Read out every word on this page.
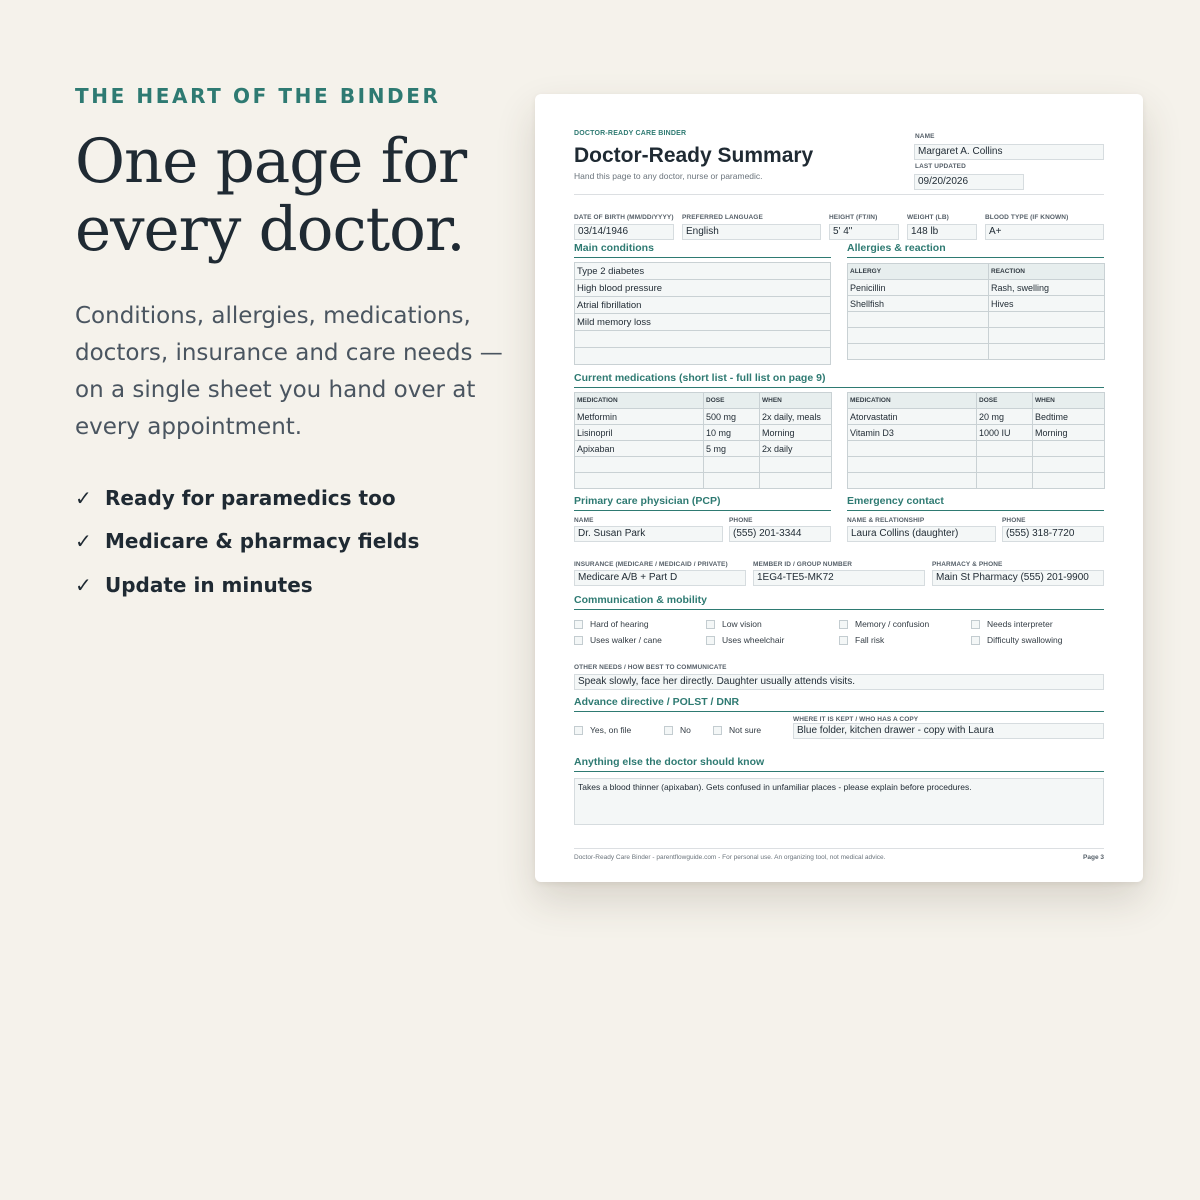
THE HEART OF THE BINDER
One page for
every doctor.
Conditions, allergies, medications, doctors, insurance and care needs — on a single sheet you hand over at every appointment.
✓ Ready for paramedics too
✓ Medicare & pharmacy fields
✓ Update in minutes
DOCTOR-READY CARE BINDER
Doctor-Ready Summary
Hand this page to any doctor, nurse or paramedic.
NAME
Margaret A. Collins
LAST UPDATED
09/20/2026
DATE OF BIRTH (MM/DD/YYYY)
03/14/1946
PREFERRED LANGUAGE
English
HEIGHT (FT/IN)
5' 4"
WEIGHT (LB)
148 lb
BLOOD TYPE (IF KNOWN)
A+
Main conditions
Type 2 diabetes
High blood pressure
Atrial fibrillation
Mild memory loss

Allergies & reaction
ALLERGY	REACTION
Penicillin	Rash, swelling
Shellfish	Hives

Current medications (short list - full list on page 9)
MEDICATION	DOSE	WHEN
Metformin	500 mg	2x daily, meals
Lisinopril	10 mg	Morning
Apixaban	5 mg	2x daily

MEDICATION	DOSE	WHEN
Atorvastatin	20 mg	Bedtime
Vitamin D3	1000 IU	Morning

Primary care physician (PCP)
NAME
Dr. Susan Park
PHONE
(555) 201-3344
Emergency contact
NAME & RELATIONSHIP
Laura Collins (daughter)
PHONE
(555) 318-7720
INSURANCE (MEDICARE / MEDICAID / PRIVATE)
Medicare A/B + Part D
MEMBER ID / GROUP NUMBER
1EG4-TE5-MK72
PHARMACY & PHONE
Main St Pharmacy (555) 201-9900
Communication & mobility
Hard of hearing	Low vision	Memory / confusion	Needs interpreter
Uses walker / cane	Uses wheelchair	Fall risk	Difficulty swallowing
OTHER NEEDS / HOW BEST TO COMMUNICATE
Speak slowly, face her directly. Daughter usually attends visits.
Advance directive / POLST / DNR
Yes, on file	No	Not sure
WHERE IT IS KEPT / WHO HAS A COPY
Blue folder, kitchen drawer - copy with Laura
Anything else the doctor should know
Takes a blood thinner (apixaban). Gets confused in unfamiliar places - please explain before procedures.
Doctor-Ready Care Binder - parentflowguide.com - For personal use. An organizing tool, not medical advice.	Page 3
